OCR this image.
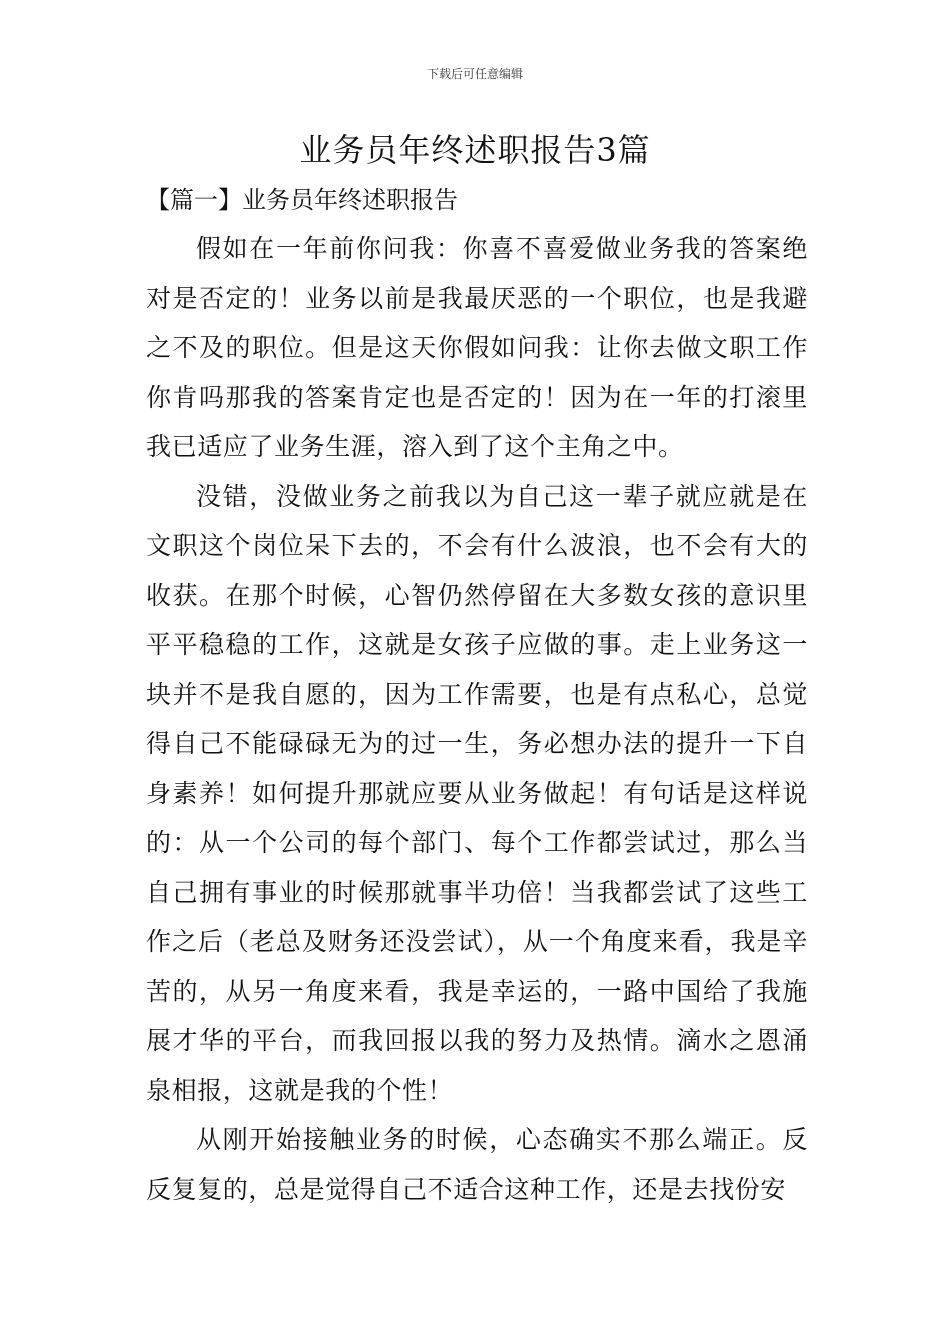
下载后可任意编辑
业务员年终述职报告3篇
【篇一】业务员年终述职报告

假如在一年前你问我：你喜不喜爱做业务我的答案绝对是否定的！业务以前是我最厌恶的一个职位，也是我避之不及的职位。但是这天你假如问我：让你去做文职工作你肯吗那我的答案肯定也是否定的！因为在一年的打滚里我已适应了业务生涯，溶入到了这个主角之中。

没错，没做业务之前我以为自己这一辈子就应就是在文职这个岗位呆下去的，不会有什么波浪，也不会有大的收获。在那个时候，心智仍然停留在大多数女孩的意识里平平稳稳的工作，这就是女孩子应做的事。走上业务这一块并不是我自愿的，因为工作需要，也是有点私心，总觉得自己不能碌碌无为的过一生，务必想办法的提升一下自身素养！如何提升那就应要从业务做起！有句话是这样说的：从一个公司的每个部门、每个工作都尝试过，那么当自己拥有事业的时候那就事半功倍！当我都尝试了这些工作之后（老总及财务还没尝试），从一个角度来看，我是辛苦的，从另一角度来看，我是幸运的，一路中国给了我施展才华的平台，而我回报以我的努力及热情。滴水之恩涌泉相报，这就是我的个性！

从刚开始接触业务的时候，心态确实不那么端正。反反复复的，总是觉得自己不适合这种工作，还是去找份安
